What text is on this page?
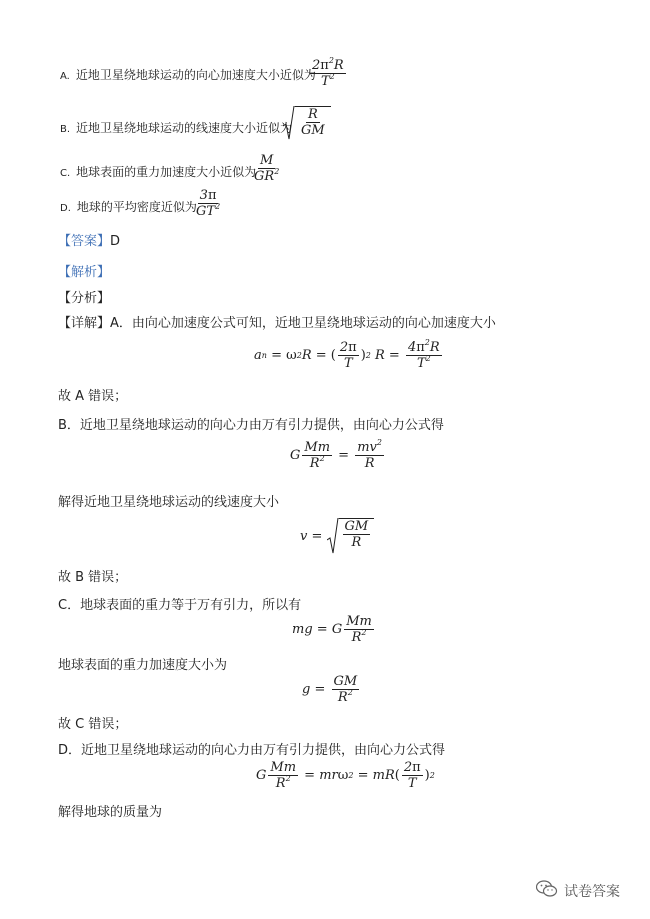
A. 近地卫星绕地球运动的向心加速度大小近似为
$\frac{2\pi^2R}{T^2}$
B. 近地卫星绕地球运动的线速度大小近似为 $\frac{R}{GM}$
C. 地球表面的重力加速度大小近似为
$\frac{M}{GR^2}$
D. 地球的平均密度近似为
$\frac{3\pi}{GT^2}$
【答案】D
【解析】
【分析】
【详解】A．由向心加速度公式可知，近地卫星绕地球运动的向心加速度大小
a n
=
ω 2 R =
( $\frac{2\pi}{T}$ ) 2 R =
$\frac{4\pi^2R}{T^2}$
故 A 错误；
B．近地卫星绕地球运动的向心力由万有引力提供，由向心力公式得
G $\frac{Mm}{R^2}$
=
$\frac{mv^2}{R}$
解得近地卫星绕地球运动的线速度大小
v =
$\frac{GM}{R}$
故 B 错误；
C．地球表面的重力等于万有引力，所以有
mg = G $\frac{Mm}{R^2}$
地球表面的重力加速度大小为
g =
$\frac{GM}{R^2}$
故 C 错误；
D．近地卫星绕地球运动的向心力由万有引力提供，由向心力公式得
G $\frac{Mm}{R^2}$
= mr ω 2
= mR ( $\frac{2\pi}{T}$ ) 2
解得地球的质量为
试卷答案
